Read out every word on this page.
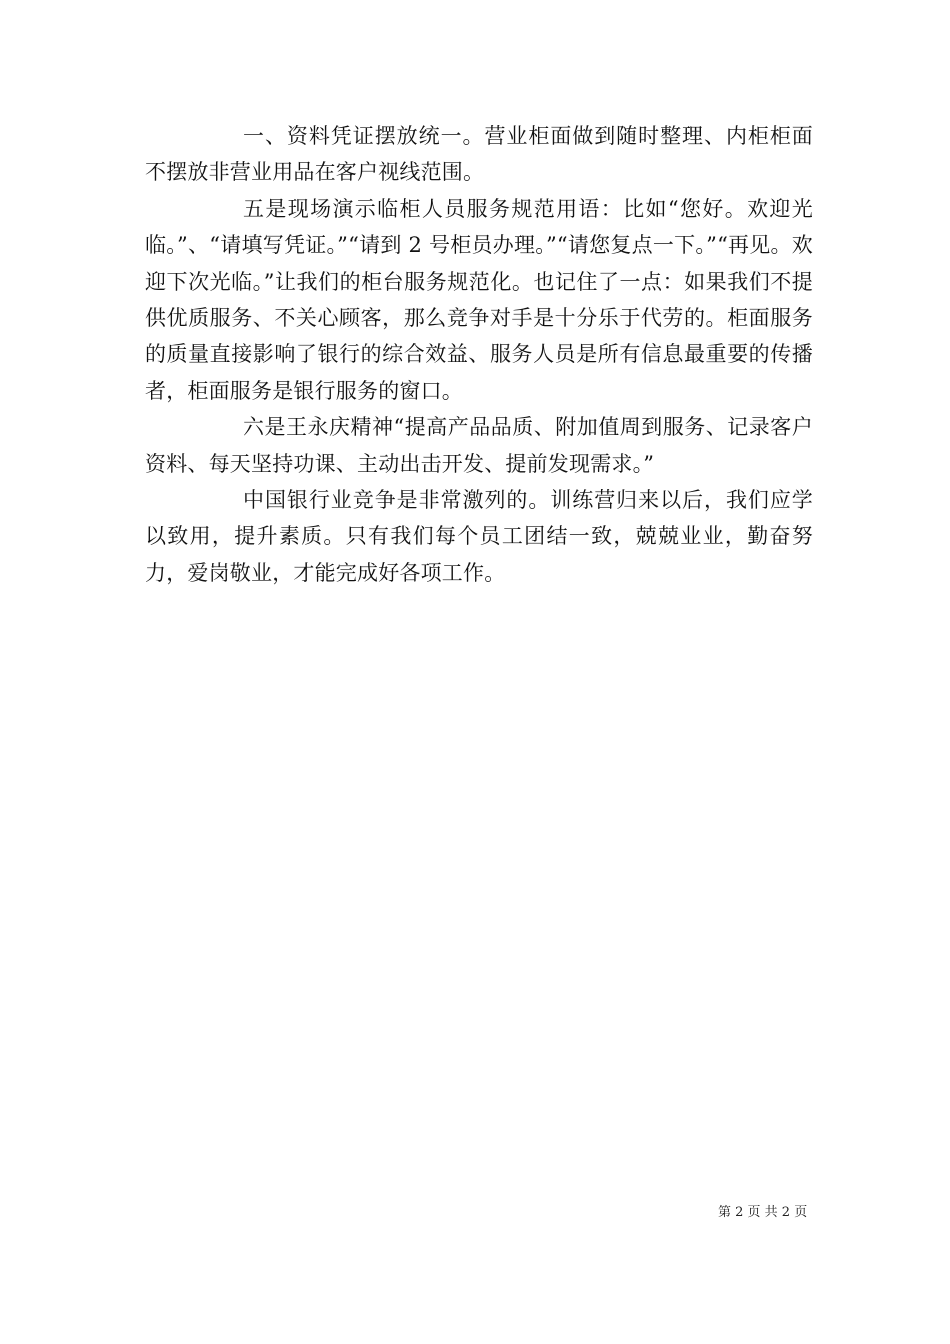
一、资料凭证摆放统一。营业柜面做到随时整理、内柜柜面不摆放非营业用品在客户视线范围。

五是现场演示临柜人员服务规范用语：比如“您好。欢迎光临。”、“请填写凭证。”“请到 2 号柜员办理。”“请您复点一下。”“再见。欢迎下次光临。”让我们的柜台服务规范化。也记住了一点：如果我们不提供优质服务、不关心顾客，那么竞争对手是十分乐于代劳的。柜面服务的质量直接影响了银行的综合效益、服务人员是所有信息最重要的传播者，柜面服务是银行服务的窗口。

六是王永庆精神“提高产品品质、附加值周到服务、记录客户资料、每天坚持功课、主动出击开发、提前发现需求。”

中国银行业竞争是非常激列的。训练营归来以后，我们应学以致用，提升素质。只有我们每个员工团结一致，兢兢业业，勤奋努力，爱岗敬业，才能完成好各项工作。

第 2 页 共 2 页
